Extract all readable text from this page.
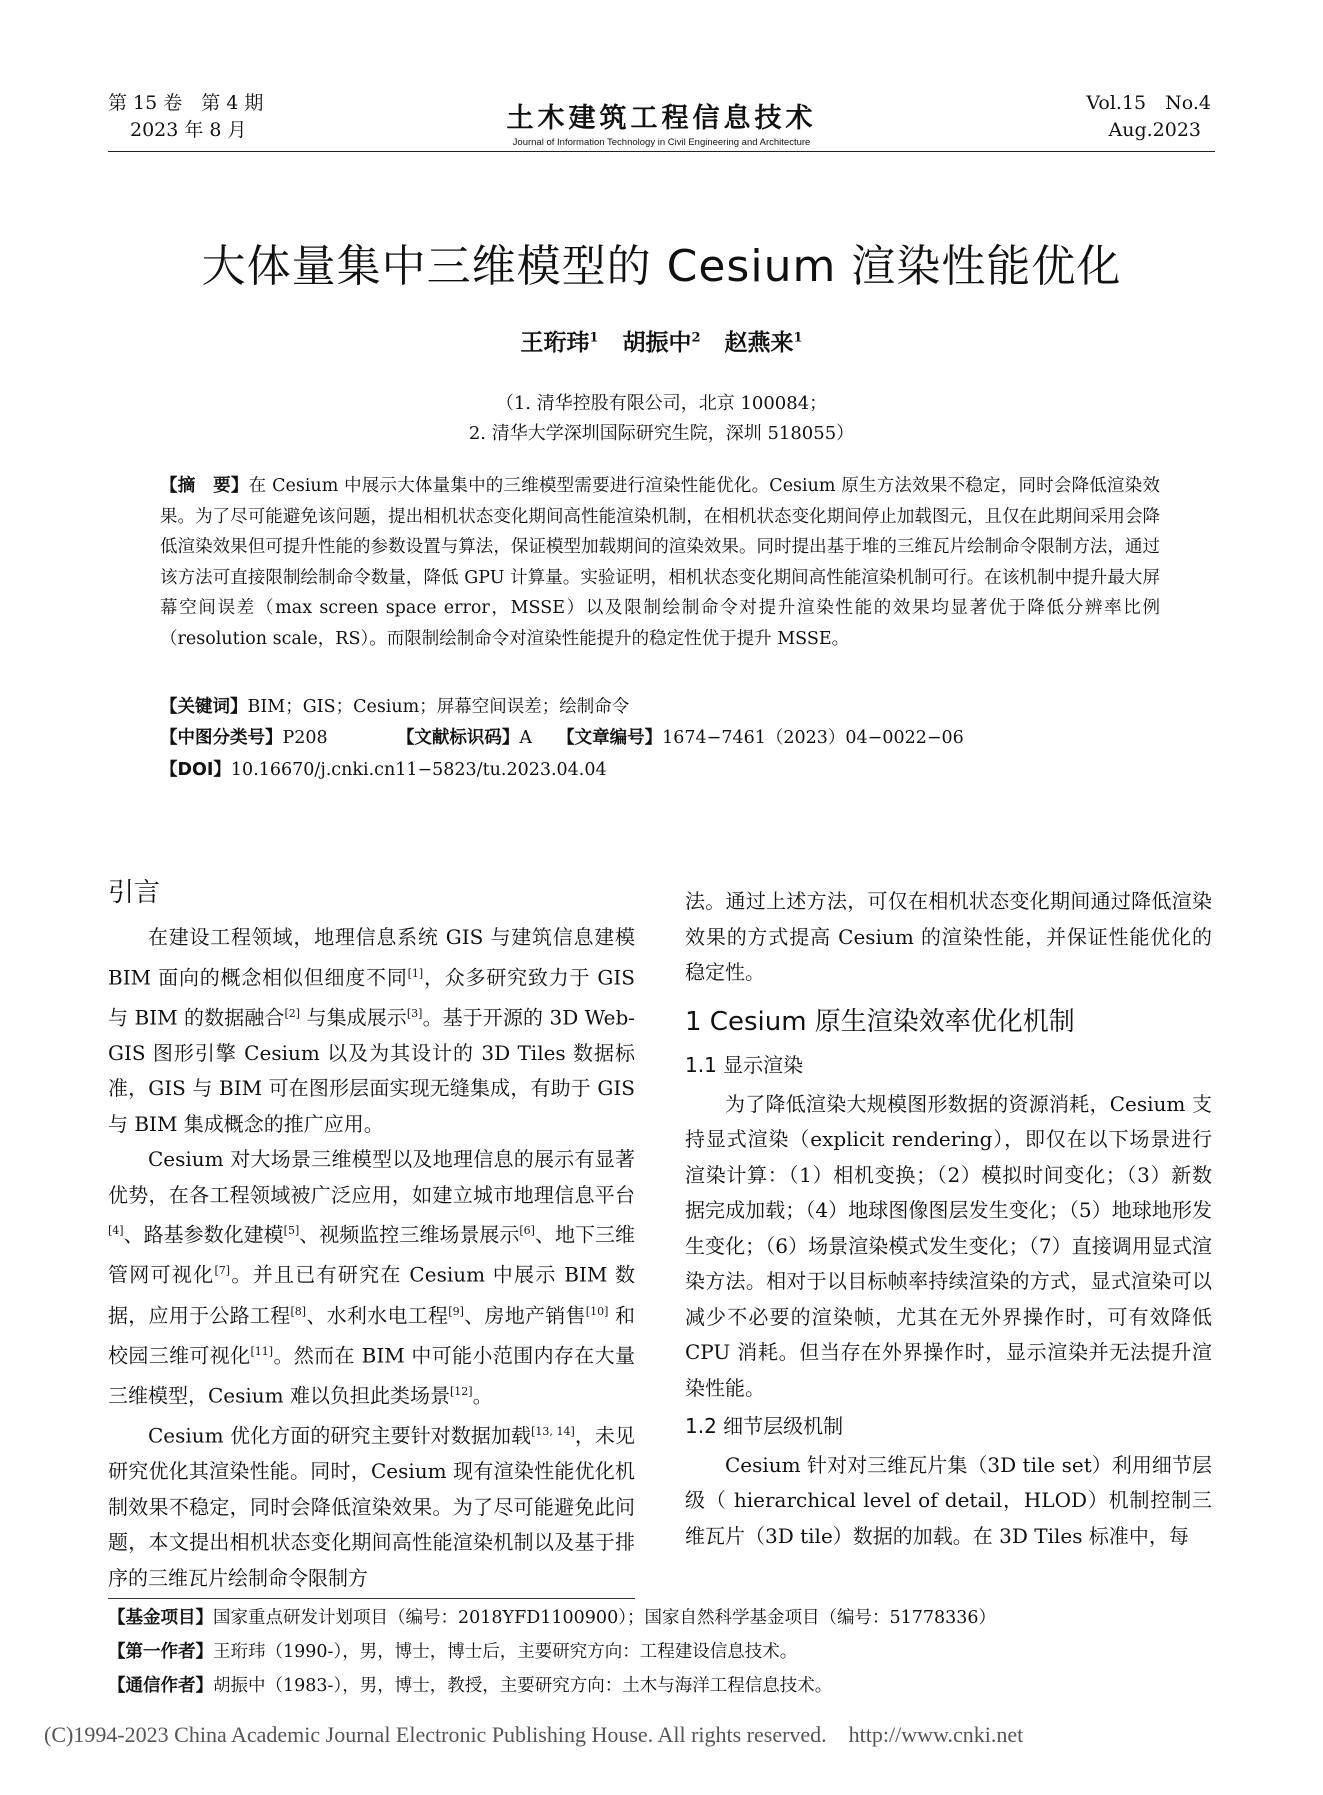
第 15 卷　第 4 期
2023 年 8 月	土木建筑工程信息技术
Journal of Information Technology in Civil Engineering and Architecture
Vol.15　No.4
Aug.2023
大体量集中三维模型的 Cesium 渲染性能优化
王珩玮$^1$ 胡振中$^2$ 赵燕来$^1$
（1. 清华控股有限公司，北京 100084；
2. 清华大学深圳国际研究生院，深圳 518055）
【摘　要】在 Cesium 中展示大体量集中的三维模型需要进行渲染性能优化。Cesium 原生方法效果不稳定，同时会降低渲染效果。为了尽可能避免该问题，提出相机状态变化期间高性能渲染机制，在相机状态变化期间停止加载图元，且仅在此期间采用会降低渲染效果但可提升性能的参数设置与算法，保证模型加载期间的渲染效果。同时提出基于堆的三维瓦片绘制命令限制方法，通过该方法可直接限制绘制命令数量，降低 GPU 计算量。实验证明，相机状态变化期间高性能渲染机制可行。在该机制中提升最大屏幕空间误差（max screen space error，MSSE）以及限制绘制命令对提升渲染性能的效果均显著优于降低分辨率比例（resolution scale，RS）。而限制绘制命令对渲染性能提升的稳定性优于提升 MSSE。
【关键词】BIM；GIS；Cesium；屏幕空间误差；绘制命令
【中图分类号】P208	【文献标识码】A 【文章编号】1674−7461（2023）04−0022−06
【DOI】10.16670/j.cnki.cn11−5823/tu.2023.04.04
引言

在建设工程领域，地理信息系统 GIS 与建筑信息建模 BIM 面向的概念相似但细度不同[1]，众多研究致力于 GIS 与 BIM 的数据融合[2] 与集成展示[3]。基于开源的 3D Web-GIS 图形引擎 Cesium 以及为其设计的 3D Tiles 数据标准，GIS 与 BIM 可在图形层面实现无缝集成，有助于 GIS 与 BIM 集成概念的推广应用。

Cesium 对大场景三维模型以及地理信息的展示有显著优势，在各工程领域被广泛应用，如建立城市地理信息平台[4]、路基参数化建模[5]、视频监控三维场景展示[6]、地下三维管网可视化[7]。并且已有研究在 Cesium 中展示 BIM 数据，应用于公路工程[8]、水利水电工程[9]、房地产销售[10] 和校园三维可视化[11]。然而在 BIM 中可能小范围内存在大量三维模型，Cesium 难以负担此类场景[12]。

Cesium 优化方面的研究主要针对数据加载[13, 14]，未见研究优化其渲染性能。同时，Cesium 现有渲染性能优化机制效果不稳定，同时会降低渲染效果。为了尽可能避免此问题，本文提出相机状态变化期间高性能渲染机制以及基于排序的三维瓦片绘制命令限制方

法。通过上述方法，可仅在相机状态变化期间通过降低渲染效果的方式提高 Cesium 的渲染性能，并保证性能优化的稳定性。

1 Cesium 原生渲染效率优化机制
1.1 显示渲染

为了降低渲染大规模图形数据的资源消耗，Cesium 支持显式渲染（explicit rendering），即仅在以下场景进行渲染计算：（1）相机变换；（2）模拟时间变化；（3）新数据完成加载；（4）地球图像图层发生变化；（5）地球地形发生变化；（6）场景渲染模式发生变化；（7）直接调用显式渲染方法。相对于以目标帧率持续渲染的方式，显式渲染可以减少不必要的渲染帧，尤其在无外界操作时，可有效降低 CPU 消耗。但当存在外界操作时，显示渲染并无法提升渲染性能。

1.2 细节层级机制

Cesium 针对对三维瓦片集（3D tile set）利用细节层级（ hierarchical level of detail，HLOD）机制控制三维瓦片（3D tile）数据的加载。在 3D Tiles 标准中，每

【基金项目】国家重点研发计划项目（编号：2018YFD1100900）；国家自然科学基金项目（编号：51778336）
【第一作者】王珩玮（1990-），男，博士，博士后，主要研究方向：工程建设信息技术。
【通信作者】胡振中（1983-），男，博士，教授，主要研究方向：土木与海洋工程信息技术。
(C)1994-2023 China Academic Journal Electronic Publishing House. All rights reserved.    http://www.cnki.net
